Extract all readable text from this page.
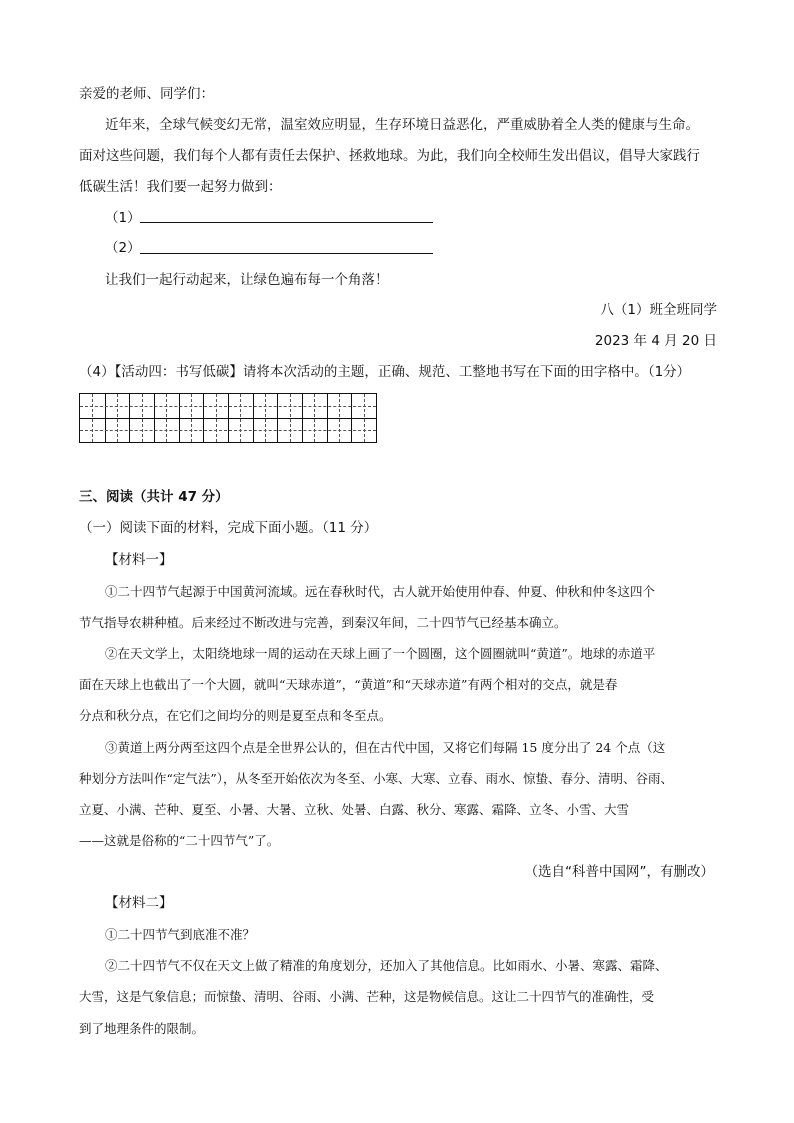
亲爱的老师、同学们：
近年来，全球气候变幻无常，温室效应明显，生存环境日益恶化，严重威胁着全人类的健康与生命。
面对这些问题，我们每个人都有责任去保护、拯救地球。为此，我们向全校师生发出倡议，倡导大家践行
低碳生活！我们要一起努力做到：
（1）
（2）
让我们一起行动起来，让绿色遍布每一个角落！
八（1）班全班同学
2023 年 4 月 20 日
（4）【活动四：书写低碳】请将本次活动的主题，正确、规范、工整地书写在下面的田字格中。（1分）
三、阅读（共计 47 分）
（一）阅读下面的材料，完成下面小题。（11 分）
【材料一】
①二十四节气起源于中国黄河流域。远在春秋时代，古人就开始使用仲春、仲夏、仲秋和仲冬这四个
节气指导农耕种植。后来经过不断改进与完善，到秦汉年间，二十四节气已经基本确立。
②在天文学上，太阳绕地球一周的运动在天球上画了一个圆圈，这个圆圈就叫“黄道”。地球的赤道平
面在天球上也截出了一个大圆，就叫“天球赤道”，“黄道”和“天球赤道”有两个相对的交点，就是春
分点和秋分点，在它们之间均分的则是夏至点和冬至点。
③黄道上两分两至这四个点是全世界公认的，但在古代中国，又将它们每隔 15 度分出了 24 个点（这
种划分方法叫作“定气法”），从冬至开始依次为冬至、小寒、大寒、立春、雨水、惊蛰、春分、清明、谷雨、
立夏、小满、芒种、夏至、小暑、大暑、立秋、处暑、白露、秋分、寒露、霜降、立冬、小雪、大雪
——这就是俗称的“二十四节气”了。
（选自“科普中国网”，有删改）
【材料二】
①二十四节气到底准不准？
②二十四节气不仅在天文上做了精准的角度划分，还加入了其他信息。比如雨水、小暑、寒露、霜降、
大雪，这是气象信息；而惊蛰、清明、谷雨、小满、芒种，这是物候信息。这让二十四节气的准确性，受
到了地理条件的限制。
